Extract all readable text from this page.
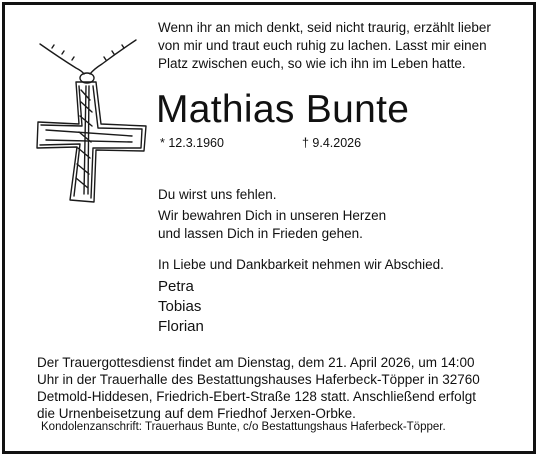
Wenn ihr an mich denkt, seid nicht traurig, erzählt lieber
von mir und traut euch ruhig zu lachen. Lasst mir einen
Platz zwischen euch, so wie ich ihn im Leben hatte.
Mathias Bunte
* 12.3.1960	† 9.4.2026
Du wirst uns fehlen.
Wir bewahren Dich in unseren Herzen
und lassen Dich in Frieden gehen.
In Liebe und Dankbarkeit nehmen wir Abschied.
Petra
Tobias
Florian
Der Trauergottesdienst findet am Dienstag, dem 21. April 2026, um 14:00
Uhr in der Trauerhalle des Bestattungshauses Haferbeck-Töpper in 32760
Detmold-Hiddesen, Friedrich-Ebert-Straße 128 statt. Anschließend erfolgt
die Urnenbeisetzung auf dem Friedhof Jerxen-Orbke.
Kondolenzanschrift: Trauerhaus Bunte, c/o Bestattungshaus Haferbeck-Töpper.
